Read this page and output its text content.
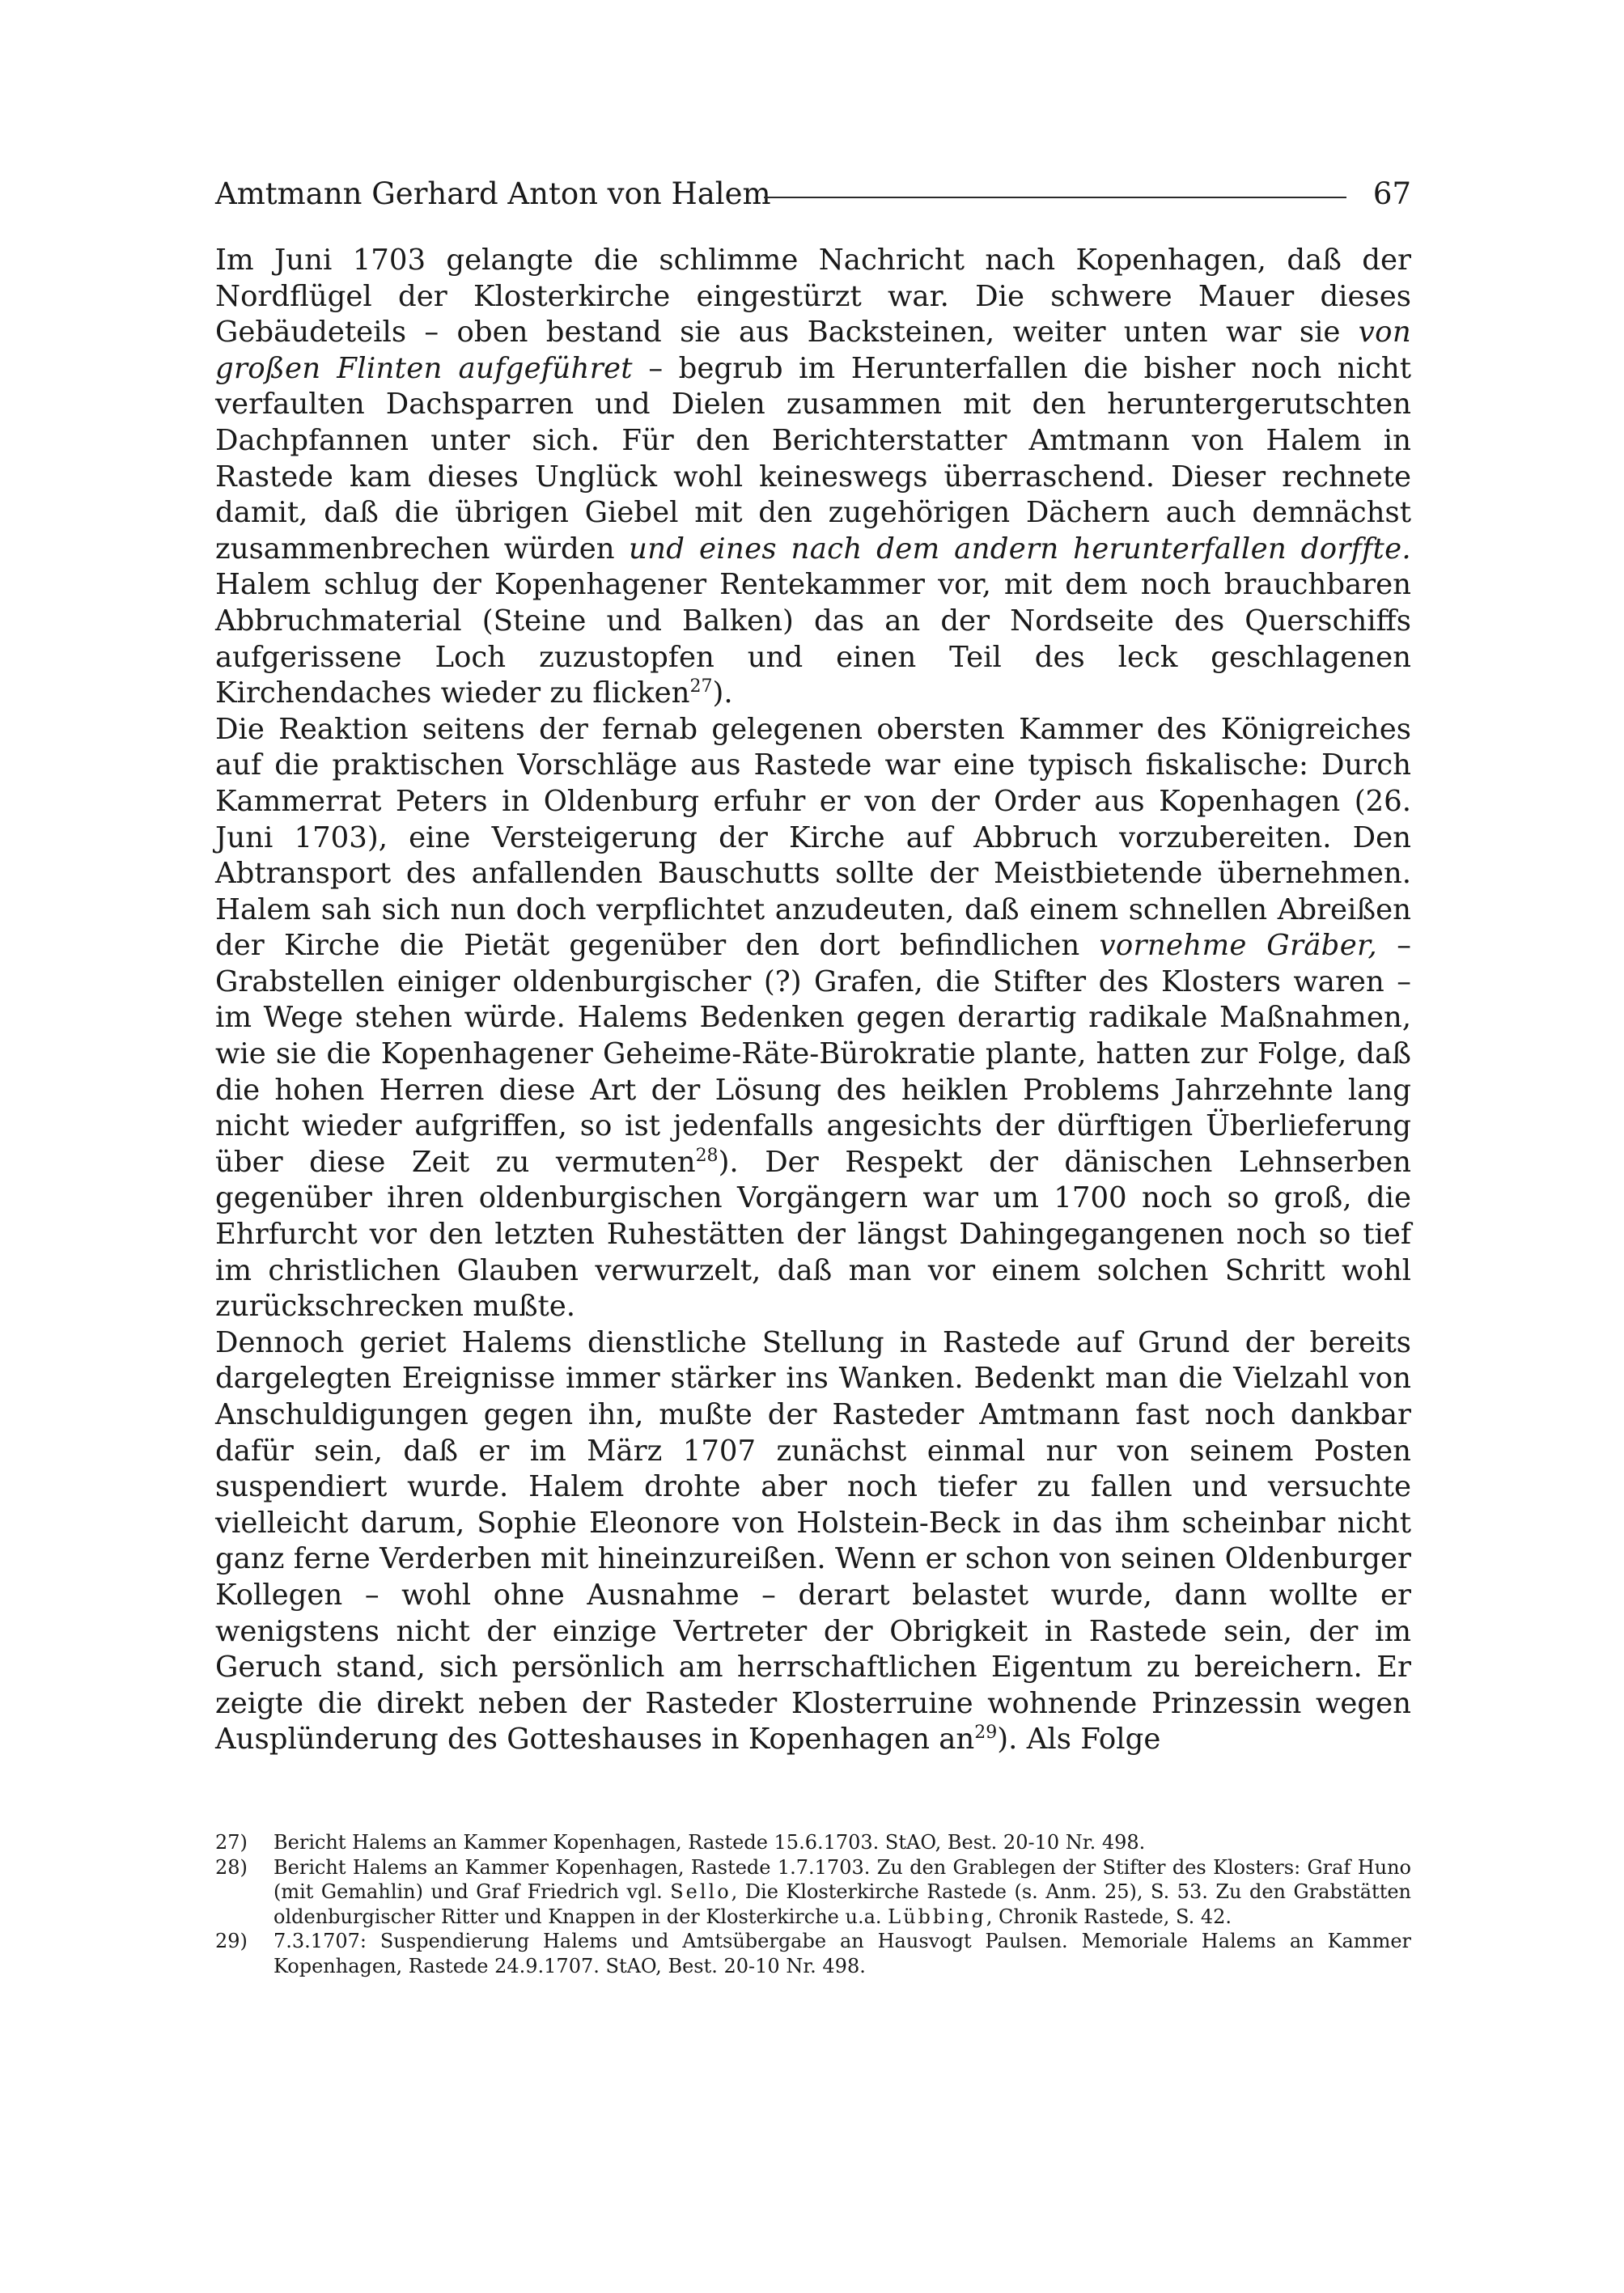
Amtmann Gerhard Anton von Halem	67

Im Juni 1703 gelangte die schlimme Nachricht nach Kopenhagen, daß der Nordflügel der Klosterkirche eingestürzt war. Die schwere Mauer dieses Gebäudeteils – oben bestand sie aus Backsteinen, weiter unten war sie von großen Flinten aufgeführet – begrub im Herunterfallen die bisher noch nicht verfaulten Dachsparren und Dielen zusammen mit den heruntergerutschten Dachpfannen unter sich. Für den Berichterstatter Amtmann von Halem in Rastede kam dieses Unglück wohl keineswegs überraschend. Dieser rechnete damit, daß die übrigen Giebel mit den zugehörigen Dächern auch demnächst zusammenbrechen würden und eines nach dem andern herunterfallen dorffte. Halem schlug der Kopenhagener Rentekammer vor, mit dem noch brauchbaren Abbruchmaterial (Steine und Balken) das an der Nordseite des Querschiffs aufgerissene Loch zuzustopfen und einen Teil des leck geschlagenen Kirchendaches wieder zu flicken$^{27}$).

Die Reaktion seitens der fernab gelegenen obersten Kammer des Königreiches auf die praktischen Vorschläge aus Rastede war eine typisch fiskalische: Durch Kammerrat Peters in Oldenburg erfuhr er von der Order aus Kopenhagen (26. Juni 1703), eine Versteigerung der Kirche auf Abbruch vorzubereiten. Den Abtransport des anfallenden Bauschutts sollte der Meistbietende übernehmen. Halem sah sich nun doch verpflichtet anzudeuten, daß einem schnellen Abreißen der Kirche die Pietät gegenüber den dort befindlichen vornehme Gräber, – Grabstellen einiger oldenburgischer (?) Grafen, die Stifter des Klosters waren – im Wege stehen würde. Halems Bedenken gegen derartig radikale Maßnahmen, wie sie die Kopenhagener Geheime-Räte-Bürokratie plante, hatten zur Folge, daß die hohen Herren diese Art der Lösung des heiklen Problems Jahrzehnte lang nicht wieder aufgriffen, so ist jedenfalls angesichts der dürftigen Überlieferung über diese Zeit zu vermuten$^{28}$). Der Respekt der dänischen Lehnserben gegenüber ihren oldenburgischen Vorgängern war um 1700 noch so groß, die Ehrfurcht vor den letzten Ruhestätten der längst Dahingegangenen noch so tief im christlichen Glauben verwurzelt, daß man vor einem solchen Schritt wohl zurückschrecken mußte.

Dennoch geriet Halems dienstliche Stellung in Rastede auf Grund der bereits dargelegten Ereignisse immer stärker ins Wanken. Bedenkt man die Vielzahl von Anschuldigungen gegen ihn, mußte der Rasteder Amtmann fast noch dankbar dafür sein, daß er im März 1707 zunächst einmal nur von seinem Posten suspendiert wurde. Halem drohte aber noch tiefer zu fallen und versuchte vielleicht darum, Sophie Eleonore von Holstein-Beck in das ihm scheinbar nicht ganz ferne Verderben mit hineinzureißen. Wenn er schon von seinen Oldenburger Kollegen – wohl ohne Ausnahme – derart belastet wurde, dann wollte er wenigstens nicht der einzige Vertreter der Obrigkeit in Rastede sein, der im Geruch stand, sich persönlich am herrschaftlichen Eigentum zu bereichern. Er zeigte die direkt neben der Rasteder Klosterruine wohnende Prinzessin wegen Ausplünderung des Gotteshauses in Kopenhagen $an^{29}$). Als Folge

27)	Bericht Halems an Kammer Kopenhagen, Rastede 15.6.1703. StAO, Best. 20-10 Nr. 498.
28)	Bericht Halems an Kammer Kopenhagen, Rastede 1.7.1703. Zu den Grablegen der Stifter des Klosters: Graf Huno (mit Gemahlin) und Graf Friedrich vgl. Sello, Die Klosterkirche Rastede (s. Anm. 25), S. 53. Zu den Grabstätten oldenburgischer Ritter und Knappen in der Klosterkirche u.a. Lübbing, Chronik Rastede, S. 42.
29)	7.3.1707: Suspendierung Halems und Amtsübergabe an Hausvogt Paulsen. Memoriale Halems an Kammer Kopenhagen, Rastede 24.9.1707. StAO, Best. 20-10 Nr. 498.
